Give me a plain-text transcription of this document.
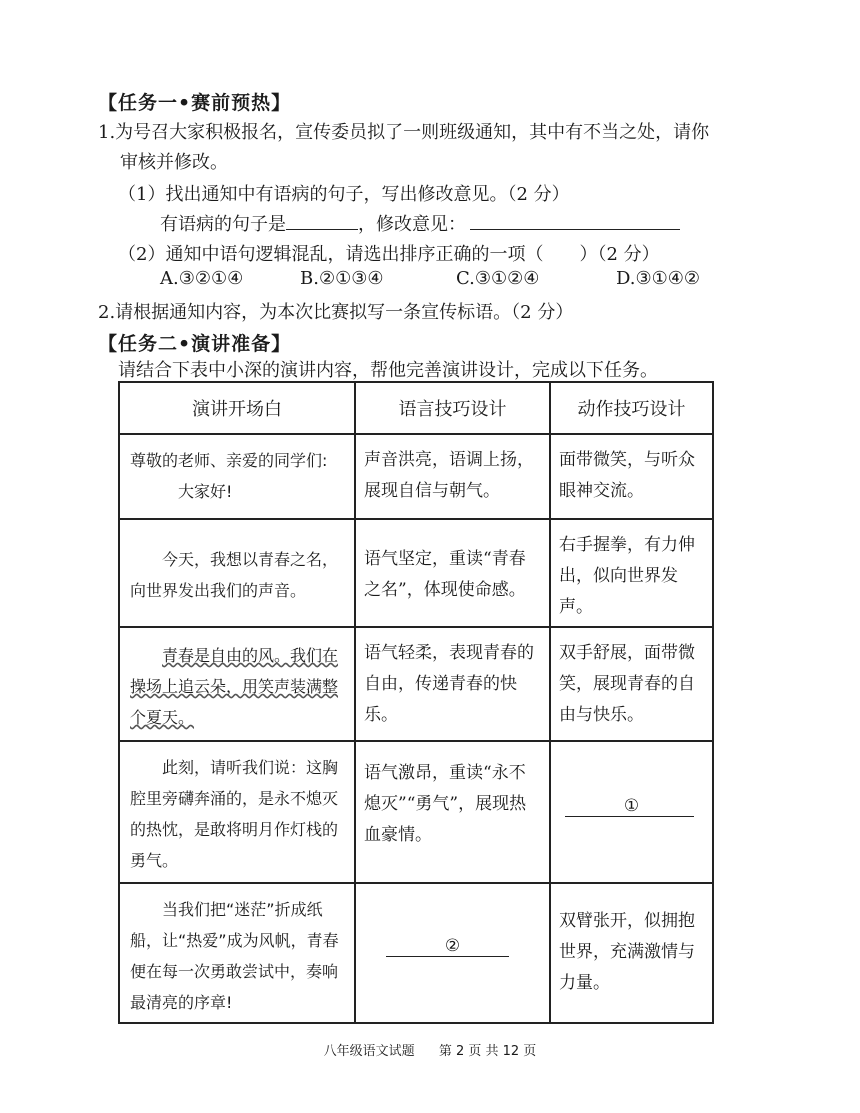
【任务一•赛前预热】
1.为号召大家积极报名，宣传委员拟了一则班级通知，其中有不当之处，请你
审核并修改。
（1）找出通知中有语病的句子，写出修改意见。（2 分）
有语病的句子是	，修改意见：
（2）通知中语句逻辑混乱，请选出排序正确的一项（　　）（2 分）
A.③②①④	B.②①③④	C.③①②④	D.③①④②
2.请根据通知内容，为本次比赛拟写一条宣传标语。（2 分）
【任务二•演讲准备】
请结合下表中小深的演讲内容，帮他完善演讲设计，完成以下任务。
演讲开场白	语言技巧设计	动作技巧设计

尊敬的老师、亲爱的同学们:
大家好!	声音洪亮，语调上扬，展现自信与朝气。	面带微笑，与听众眼神交流。

今天，我想以青春之名，向世界发出我们的声音。	语气坚定，重读“青春之名”，体现使命感。	右手握拳，有力伸出，似向世界发声。

青春是自由的风。我们在操场上追云朵，用笑声装满整个夏天。	语气轻柔，表现青春的自由，传递青春的快乐。	双手舒展，面带微笑，展现青春的自由与快乐。

此刻，请听我们说：这胸腔里旁礴奔涌的，是永不熄灭的热忱，是敢将明月作灯栈的勇气。	语气激昂，重读“永不熄灭”“勇气”，展现热血豪情。	①

当我们把“迷茫”折成纸船，让“热爱”成为风帆，青春便在每一次勇敢尝试中，奏响最清亮的序章!	②	双臂张开，似拥抱世界，充满激情与力量。
八年级语文试题 第 2 页 共 12 页
